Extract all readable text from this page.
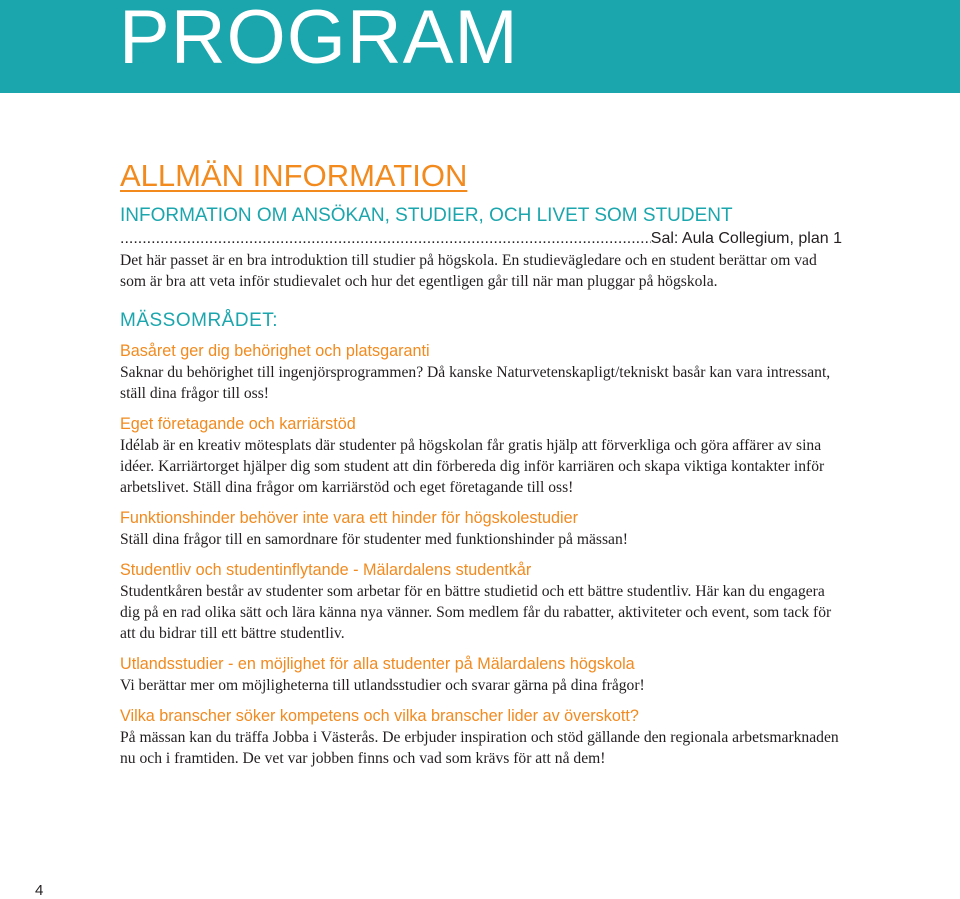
PROGRAM
ALLMÄN INFORMATION
INFORMATION OM ANSÖKAN, STUDIER, OCH LIVET SOM STUDENT
.....
Sal: Aula Collegium, plan 1

Det här passet är en bra introduktion till studier på högskola. En studievägledare och en student berättar om vad som är bra att veta inför studievalet och hur det egentligen går till när man pluggar på högskola.

MÄSSOMRÅDET:
Basåret ger dig behörighet och platsgaranti

Saknar du behörighet till ingenjörsprogrammen? Då kanske Naturvetenskapligt/tekniskt basår kan vara intressant, ställ dina frågor till oss!

Eget företagande och karriärstöd

Idélab är en kreativ mötesplats där studenter på högskolan får gratis hjälp att förverkliga och göra affärer av sina idéer. Karriärtorget hjälper dig som student att din förbereda dig inför karriären och skapa viktiga kontakter inför arbetslivet. Ställ dina frågor om karriärstöd och eget företagande till oss!

Funktionshinder behöver inte vara ett hinder för högskolestudier

Ställ dina frågor till en samordnare för studenter med funktionshinder på mässan!

Studentliv och studentinflytande - Mälardalens studentkår

Studentkåren består av studenter som arbetar för en bättre studietid och ett bättre studentliv. Här kan du engagera dig på en rad olika sätt och lära känna nya vänner. Som medlem får du rabatter, aktiviteter och event, som tack för att du bidrar till ett bättre studentliv.

Utlandsstudier - en möjlighet för alla studenter på Mälardalens högskola

Vi berättar mer om möjligheterna till utlandsstudier och svarar gärna på dina frågor!

Vilka branscher söker kompetens och vilka branscher lider av överskott?

På mässan kan du träffa Jobba i Västerås. De erbjuder inspiration och stöd gällande den regionala arbetsmarknaden nu och i framtiden. De vet var jobben finns och vad som krävs för att nå dem!

4
